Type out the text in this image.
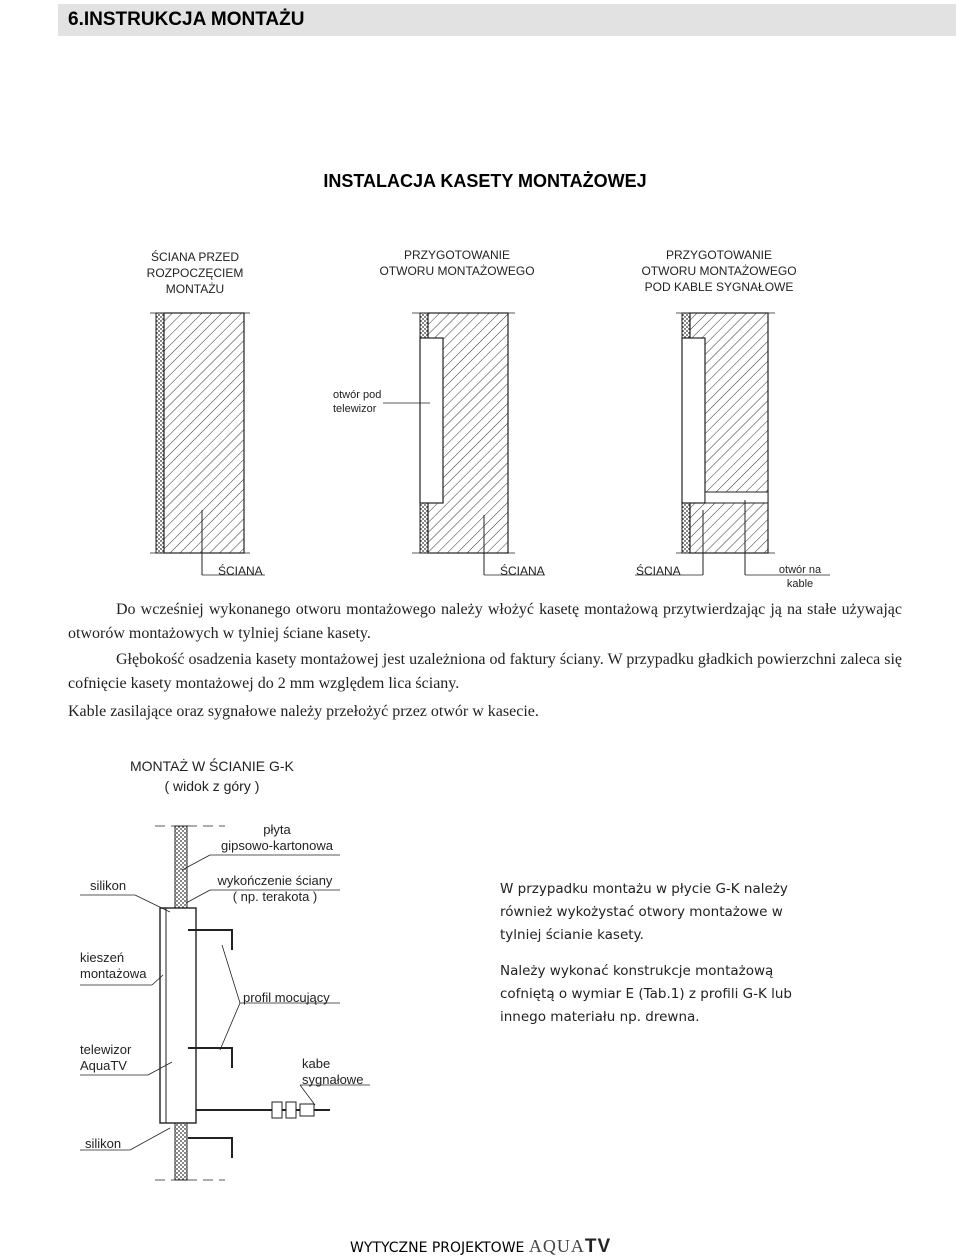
6.INSTRUKCJA MONTAŻU
INSTALACJA KASETY MONTAŻOWEJ
ŚCIANA PRZED
ROZPOCZĘCIEM
MONTAŻU
PRZYGOTOWANIE
OTWORU MONTAŻOWEGO
PRZYGOTOWANIE
OTWORU MONTAŻOWEGO
POD KABLE SYGNAŁOWE
otwór pod
telewizor
ŚCIANA	ŚCIANA	ŚCIANA	otwór na
kable
Do wcześniej wykonanego otworu montażowego należy włożyć kasetę montażową przytwierdzając ją na stałe używając otworów montażowych w tylniej ściane kasety.
Głębokość osadzenia kasety montażowej jest uzależniona od faktury ściany. W przypadku gładkich powierzchni zaleca się cofnięcie kasety montażowej do 2 mm względem lica ściany.
Kable zasilające oraz sygnałowe należy przełożyć przez otwór w kasecie.
MONTAŻ W ŚCIANIE G-K
( widok z góry )
płyta
gipsowo-kartonowa
silikon	wykończenie ściany
( np. terakota )
kieszeń
montażowa
profil mocujący
telewizor
AquaTV	kabe
sygnałowe
silikon
W przypadku montażu w płycie G-K należy również wykożystać otwory montażowe w tylniej ścianie kasety.
Należy wykonać konstrukcje montażową cofniętą o wymiar E (Tab.1) z profili G-K lub innego materiału np. drewna.
WYTYCZNE PROJEKTOWE AQUATV
